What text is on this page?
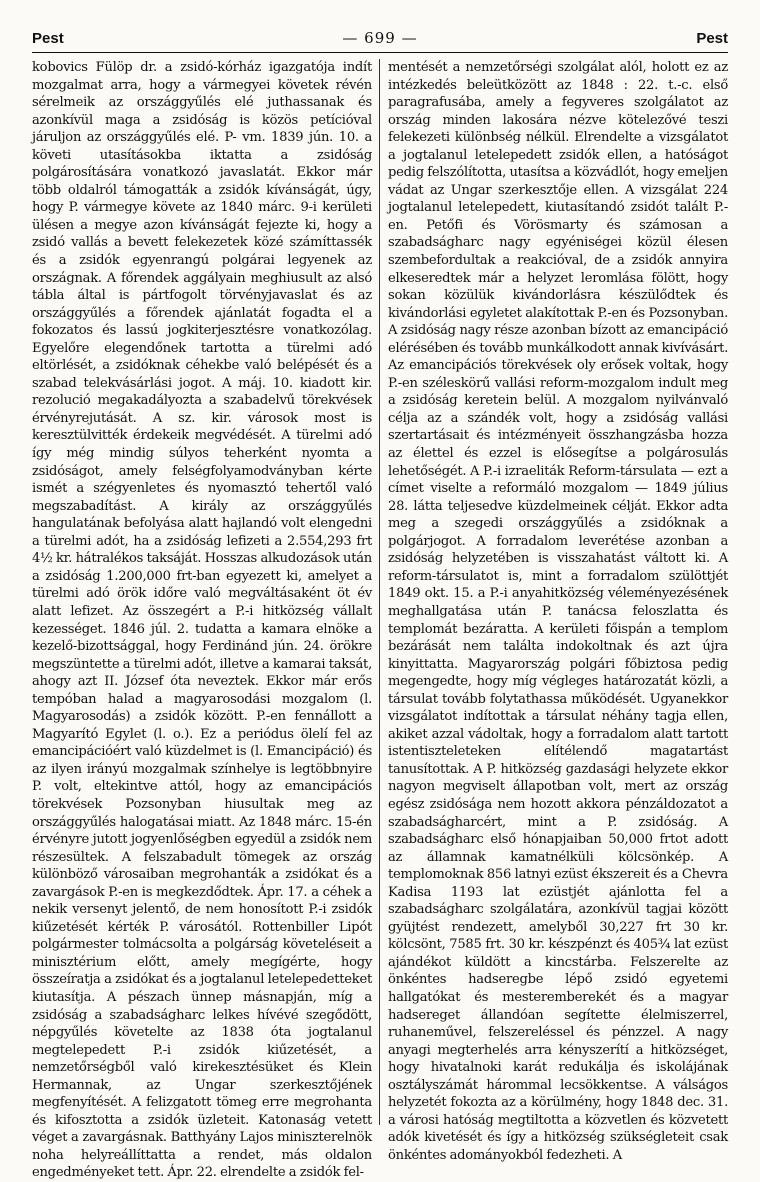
Pest	— 699 —	Pest

kobovics Fülöp dr. a zsidó-kórház igazgatója indít mozgalmat arra, hogy a vármegyei követek révén sérelmeik az országgyűlés elé juthassanak és azonkívül maga a zsidóság is közös petícióval járuljon az országgyűlés elé. P- vm. 1839 jún. 10. a követi utasításokba iktatta a zsidóság polgárosítására vonatkozó javaslatát. Ekkor már több oldalról támogatták a zsidók kívánságát, úgy, hogy P. vármegye követe az 1840 márc. 9-i kerületi ülésen a megye azon kívánságát fejezte ki, hogy a zsidó vallás a bevett felekezetek közé számíttassék és a zsidók egyenrangú polgárai legyenek az országnak. A főrendek aggályain meghiusult az alsó tábla által is pártfogolt törvényjavaslat és az országgyűlés a főrendek ajánlatát fogadta el a fokozatos és lassú jogkiterjesztésre vonatkozólag. Egyelőre elegendőnek tartotta a türelmi adó eltörlését, a zsidóknak céhekbe való belépését és a szabad telekvásárlási jogot. A máj. 10. kiadott kir. rezolució megakadályozta a szabadelvű törekvések érvényrejutását. A sz. kir. városok most is keresztülvitték érdekeik megvédését. A türelmi adó így még mindig súlyos teherként nyomta a zsidóságot, amely felségfolyamodványban kérte ismét a szégyenletes és nyomasztó tehertől való megszabadítást. A király az országgyűlés hangulatának befolyása alatt hajlandó volt elengedni a türelmi adót, ha a zsidóság lefizeti a 2.554,293 frt 4½ kr. hátralékos taksáját. Hosszas alkudozások után a zsidóság 1.200,000 frt-ban egyezett ki, amelyet a türelmi adó örök időre való megváltásaként öt év alatt lefizet. Az összegért a P.-i hitközség vállalt kezességet. 1846 júl. 2. tudatta a kamara elnöke a kezelő-bizottsággal, hogy Ferdinánd jún. 24. örökre megszüntette a türelmi adót, illetve a kamarai taksát, ahogy azt II. József óta neveztek. Ekkor már erős tempóban halad a magyarosodási mozgalom (l. Magyarosodás) a zsidók között. P.-en fennállott a Magyarító Egylet (l. o.). Ez a periódus ölelí fel az emancipációért való küzdelmet is (l. Emancipáció) és az ilyen irányú mozgalmak színhelye is legtöbbnyire P. volt, eltekintve attól, hogy az emancipációs törekvések Pozsonyban hiusultak meg az országgyűlés halogatásai miatt. Az 1848 márc. 15-én érvényre jutott jogyenlőségben egyedül a zsidók nem részesültek. A felszabadult tömegek az ország különböző városaiban megrohanták a zsidókat és a zavargások P.-en is megkezdődtek. Ápr. 17. a céhek a nekik versenyt jelentő, de nem honosított P.-i zsidók kiűzetését kérték P. városától. Rottenbiller Lipót polgármester tolmácsolta a polgárság követeléseit a minisztérium előtt, amely megígérte, hogy összeíratja a zsidókat és a jogtalanul letelepedetteket kiutasítja. A pészach ünnep másnapján, míg a zsidóság a szabadságharc lelkes hívévé szegődött, népgyűlés követelte az 1838 óta jogtalanul megtelepedett P.-i zsidók kiűzetését, a nemzetőrségből való kirekesztésüket és Klein Hermannak, az Ungar szerkesztőjének megfenyítését. A felizgatott tömeg erre megrohanta és kifosztotta a zsidók üzleteit. Katonaság vetett véget a zavargásnak. Batthyány Lajos miniszterelnök noha helyreállíttatta a rendet, más oldalon engedményeket tett. Ápr. 22. elrendelte a zsidók fel-

mentését a nemzetőrségi szolgálat alól, holott ez az intézkedés beleütközött az 1848 : 22. t.-c. első paragrafusába, amely a fegyveres szolgálatot az ország minden lakosára nézve kötelezővé teszi felekezeti különbség nélkül. Elrendelte a vizsgálatot a jogtalanul letelepedett zsidók ellen, a hatóságot pedig felszólította, utasítsa a közvádlót, hogy emeljen vádat az Ungar szerkesztője ellen. A vizsgálat 224 jogtalanul letelepedett, kiutasítandó zsidót talált P.-en. Petőfi és Vörösmarty és számosan a szabadságharc nagy egyéniségei közül élesen szembefordultak a reakcióval, de a zsidók annyira elkeseredtek már a helyzet leromlása fölött, hogy sokan közülük kivándorlásra készülődtek és kivándorlási egyletet alakítottak P.-en és Pozsonyban. A zsidóság nagy része azonban bízott az emancipáció elérésében és tovább munkálkodott annak kivívásárt. Az emancipációs törekvések oly erősek voltak, hogy P.-en széleskörű vallási reform-mozgalom indult meg a zsidóság keretein belül. A mozgalom nyilvánvaló célja az a szándék volt, hogy a zsidóság vallási szertartásait és intézményeit összhangzásba hozza az élettel és ezzel is elősegítse a polgárosulás lehetőségét. A P.-i izraeliták Reform-társulata — ezt a címet viselte a reformáló mozgalom — 1849 július 28. látta teljesedve küzdelmeinek célját. Ekkor adta meg a szegedi országgyűlés a zsidóknak a polgárjogot. A forradalom leverétése azonban a zsidóság helyzetében is visszahatást váltott ki. A reform-társulatot is, mint a forradalom szülöttjét 1849 okt. 15. a P.-i anyahitközség véleményezésének meghallgatása után P. tanácsa feloszlatta és templomát bezáratta. A kerületi főispán a templom bezárását nem találta indokoltnak és azt újra kinyittatta. Magyarország polgári főbiztosa pedig megengedte, hogy míg végleges határozatát közli, a társulat tovább folytathassa működését. Ugyanekkor vizsgálatot indítottak a társulat néhány tagja ellen, akiket azzal vádoltak, hogy a forradalom alatt tartott istentiszteleteken elítélendő magatartást tanusítottak. A P. hitközség gazdasági helyzete ekkor nagyon megviselt állapotban volt, mert az ország egész zsidósága nem hozott akkora pénzáldozatot a szabadságharcért, mint a P. zsidóság. A szabadságharc első hónapjaiban 50,000 frtot adott az államnak kamatnélküli kölcsönkép. A templomoknak 856 latnyi ezüst ékszereit és a Chevra Kadisa 1193 lat ezüstjét ajánlotta fel a szabadságharc szolgálatára, azonkívül tagjai között gyüjtést rendezett, amelyből 30,227 frt 30 kr. kölcsönt, 7585 frt. 30 kr. készpénzt és 405¾ lat ezüst ajándékot küldött a kincstárba. Felszerelte az önkéntes hadseregbe lépő zsidó egyetemi hallgatókat és mesteremberekét és a magyar hadsereget állandóan segítette élelmiszerrel, ruhaneművel, felszereléssel és pénzzel. A nagy anyagi megterhelés arra kényszerítí a hitközséget, hogy hivatalnoki karát redukálja és iskolájának osztályszámát hárommal lecsökkentse. A válságos helyzetét fokozta az a körülmény, hogy 1848 dec. 31. a városi hatóság megtiltotta a közvetlen és közvetett adók kivetését és így a hitközség szükségleteit csak önkéntes adományokból fedezheti. A
